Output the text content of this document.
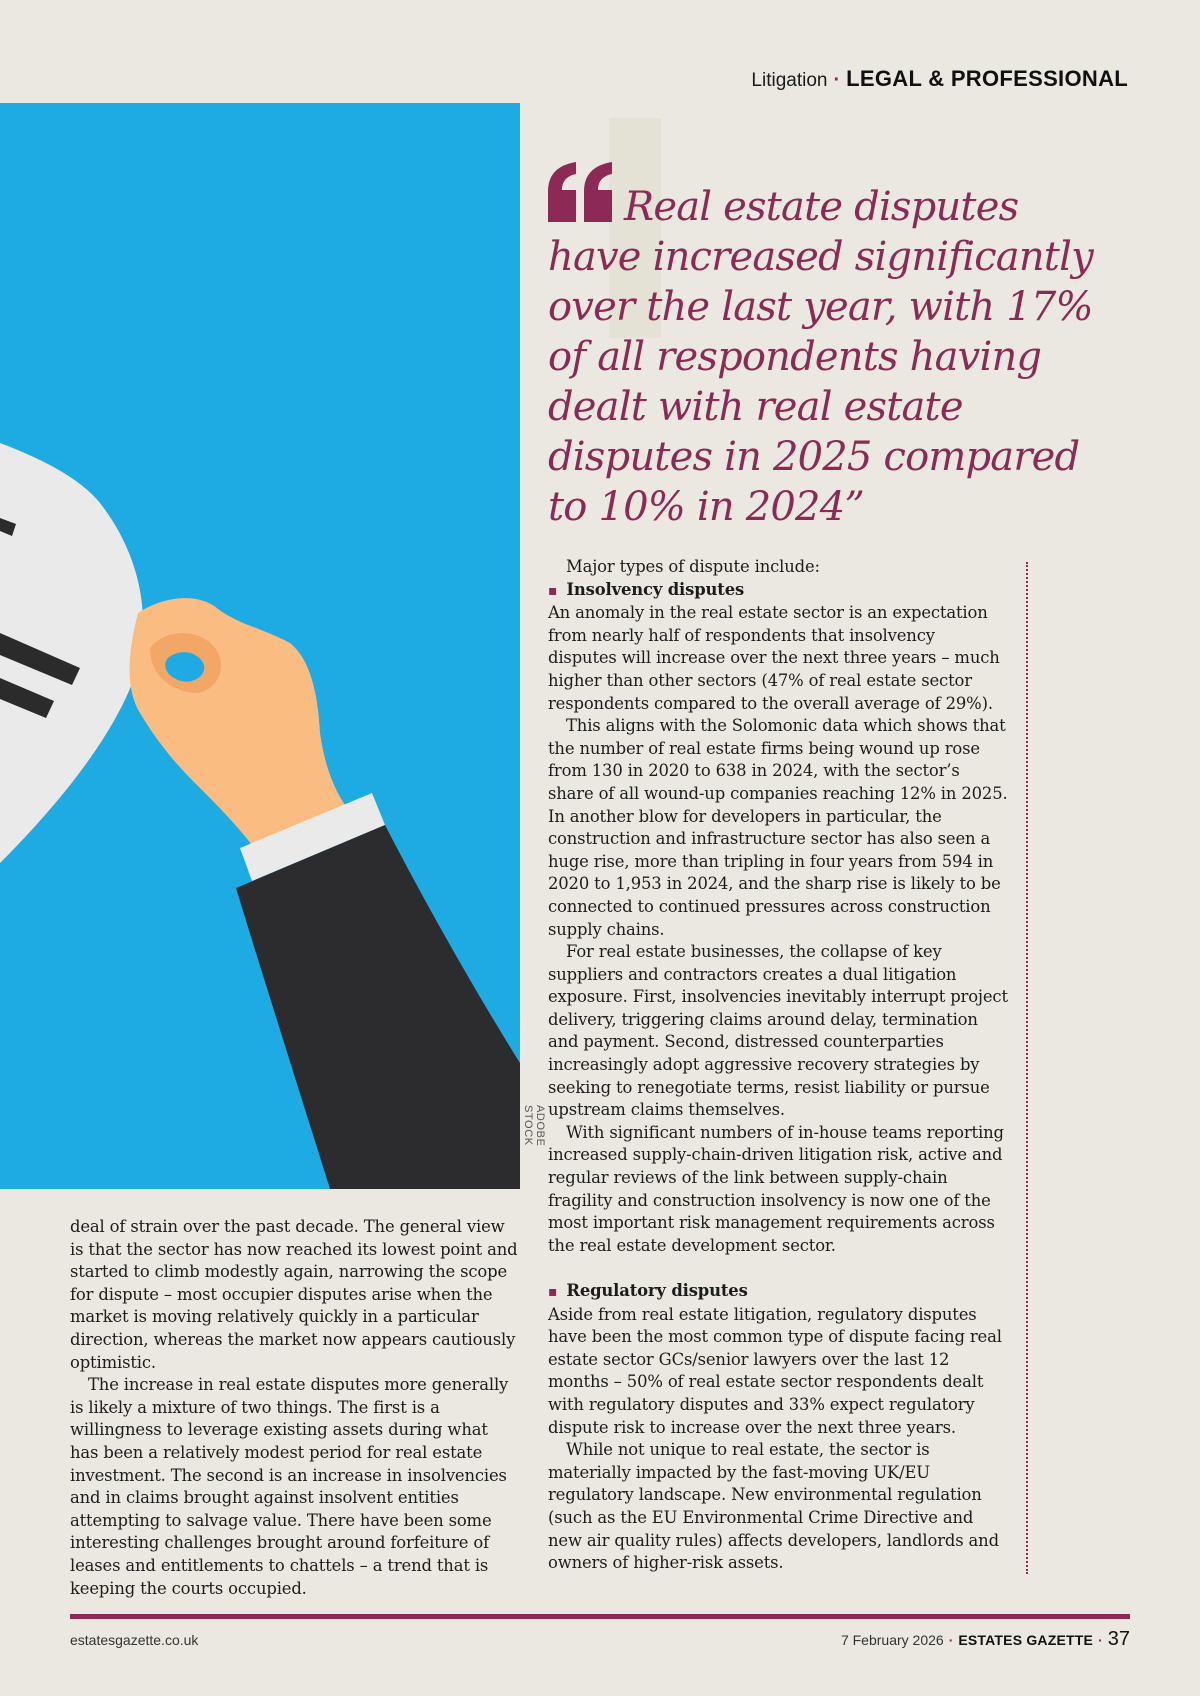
Litigation · LEGAL & PROFESSIONAL
ADOBE STOCK

Real estate disputes have increased significantly over the last year, with 17% of all respondents having dealt with real estate disputes in 2025 compared to 10% in 2024”

deal of strain over the past decade. The general view is that the sector has now reached its lowest point and started to climb modestly again, narrowing the scope for dispute – most occupier disputes arise when the market is moving relatively quickly in a particular direction, whereas the market now appears cautiously optimistic.

The increase in real estate disputes more generally is likely a mixture of two things. The first is a willingness to leverage existing assets during what has been a relatively modest period for real estate investment. The second is an increase in insolvencies and in claims brought against insolvent entities attempting to salvage value. There have been some interesting challenges brought around forfeiture of leases and entitlements to chattels – a trend that is keeping the courts occupied.

Major types of dispute include:

▪ Insolvency disputes

An anomaly in the real estate sector is an expectation from nearly half of respondents that insolvency disputes will increase over the next three years – much higher than other sectors (47% of real estate sector respondents compared to the overall average of 29%).

This aligns with the Solomonic data which shows that the number of real estate firms being wound up rose from 130 in 2020 to 638 in 2024, with the sector’s share of all wound-up companies reaching 12% in 2025. In another blow for developers in particular, the construction and infrastructure sector has also seen a huge rise, more than tripling in four years from 594 in 2020 to 1,953 in 2024, and the sharp rise is likely to be connected to continued pressures across construction supply chains.

For real estate businesses, the collapse of key suppliers and contractors creates a dual litigation exposure. First, insolvencies inevitably interrupt project delivery, triggering claims around delay, termination and payment. Second, distressed counterparties increasingly adopt aggressive recovery strategies by seeking to renegotiate terms, resist liability or pursue upstream claims themselves.

With significant numbers of in-house teams reporting increased supply-chain-driven litigation risk, active and regular reviews of the link between supply-chain fragility and construction insolvency is now one of the most important risk management requirements across the real estate development sector.

▪ Regulatory disputes

Aside from real estate litigation, regulatory disputes have been the most common type of dispute facing real estate sector GCs/senior lawyers over the last 12 months – 50% of real estate sector respondents dealt with regulatory disputes and 33% expect regulatory dispute risk to increase over the next three years.

While not unique to real estate, the sector is materially impacted by the fast-moving UK/EU regulatory landscape. New environmental regulation (such as the EU Environmental Crime Directive and new air quality rules) affects developers, landlords and owners of higher-risk assets.

estatesgazette.co.uk	7 February 2026 · ESTATES GAZETTE · 37
